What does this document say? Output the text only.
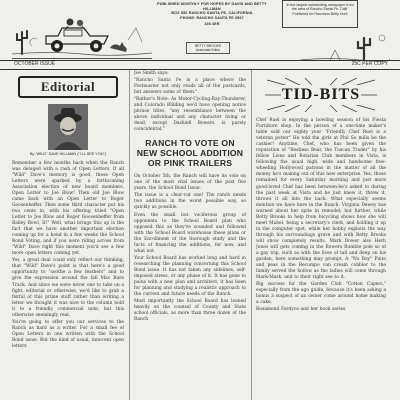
PUBLISHED MONTHLY FOR HOPES BY DAVID AND BETTY HILLMAN
BOX 556 RANCHO SANTA FE, CALIFORNIA
PHONE: RANCHO SANTA FE 3567
108 4ER
In the largest outstanding newspaper from the area of Rancho Santa Fe, Calif. Published for Ranchers Betty Hunt
BETTY BROOKS
Associate Editor
OCTOBER ISSUE	25C PER COPY
Editorial
By "WILD" DAVE HILLMAN ("I'LL SEE YOU")

Remember a few months back when the Ranch was deluged with a rash of Open Letters. If all "Wild" Dave's memory is good, these Open Letters were sparked by a forthcoming Association election of new board members. Open Letter to Joe Blow! Then old Joe Blow came back with an Open Letter to Roger Goosenheffer. Then some third character put his two cents in, with his offering titled "Open Letter to Joe Blow and Roger Goosenheffer from Bailey Bowl, II!" Well, what brings this up is the fact that we have another important election coming up for a bond in a few weeks the School Bond Voting, and if you were riding across from "Wild" Dave right this moment you'd see a few more open letters coming yet.

Yes, a great deal could only reflect our thinking, that "Wild" Dave's point is that here's a good opportunity to "soothe a few feathers" and to give the expression around the fall Mac Rare Track. And since we were never one to take on a fight, editorial or otherwise, we'd like to grab a fistful of this prime stuff rather than writing a letter we thought it was nice to the column hold it to a friendly commercial note, but this otherwise seemingly real.

You're going to offer you our services to the Ranch as hard as a writer. For a small fee of Open Letters in one written with the School Bond issue. But the kind of usual, innocent open letters

Joe Smith says:

"Rancho Santa Fe is a place where the Postmaster not only reads all of the postcards, but answers some of them."

"Rather's Note: As Motor-Cycling-Ray-Thunderer, and Colorado Blilding we'd have opening notice phrase titles, "any resemblance between the above individual and any character living or dead, except Dashiell Bowers, is purely coincidental."

RANCH TO VOTE ON NEW SCHOOL ADDITION OR PINK TRAILERS

On October 5th, the Ranch will have its vote on one of the most vital issues of the past five years, the School Bond Issue.

The issue is a clear-cut one! The ranch needs two additions in the worst possible way, so quickly as possible.

Even the small but vociferous group of opponents to the School Board plan who opposed this as they've sounded and followed with the School Board warehouse these plans or the Enrollment of the thorough study and the facts of financing the additions, for now, and what not.

Your School Board has worked long and hard in researching the planning concerning this School Bond issue. It has not taken any sidelines, self-imposed stress, or any phase of it. It has gone to pains with a new plan and architect, it has been for planning and studying a realistic approach to the current and future needs of the Ranch.

Most importantly the School Board has leaned heavily on the counsel of County and State school officials, as more than three dozen of the Ranch

TID-BITS

Chef Ruel is enjoying a bowling session of his Fiesta Furniture shop. In the person of a one-time maker's table sold our eighty year "Friendly Chef Ruel is a veteran potter" He told the girls at Phil So mills be the cashier! Anytime, Chef, who has been given the reputation of "Restless Bear, the Tuscan Trader" by his fellow Lions and Rotarian Club members in Vista, is following the usual high, wide and handsome free-wheeling Hollywood patrons in the matter of all the money he's making out of this new enterprise. Yes, those remained for every Saturday morning and just more good-loved Chef has been between-he's asked to during the past week at Vista and he just knew it, threw it, throws it all into the back. What especially seems mention we have here in the Ranch. Virginia Dewey has warned about her spite in remodel; but further, while Betty Brooks to help from bicycling shows how she will meet Mabel, being a secretary's clerk, and holding it up in the computer spot, while her hobby exploits the way through his surroundings grave and with Betty Brooks will show completely results. Mark Dower also Herb Jones will gets coming in the Bowers Rumble pole so of a gay trip, such as with the lives of tall and deep on his garden, here something may prompt. A "No Boy" Pinto and peas in the Recumpo van cream cobbler to the family served the hollow as the ladies will come through Mark-Mark, and to their right see to it.

Big success for the Garden Club "Cotton Capers," especially from the ago guide, because it's been asking a bonus a suspect of an owner come around home making a cake.

Rosamond Fordyce and her book series
